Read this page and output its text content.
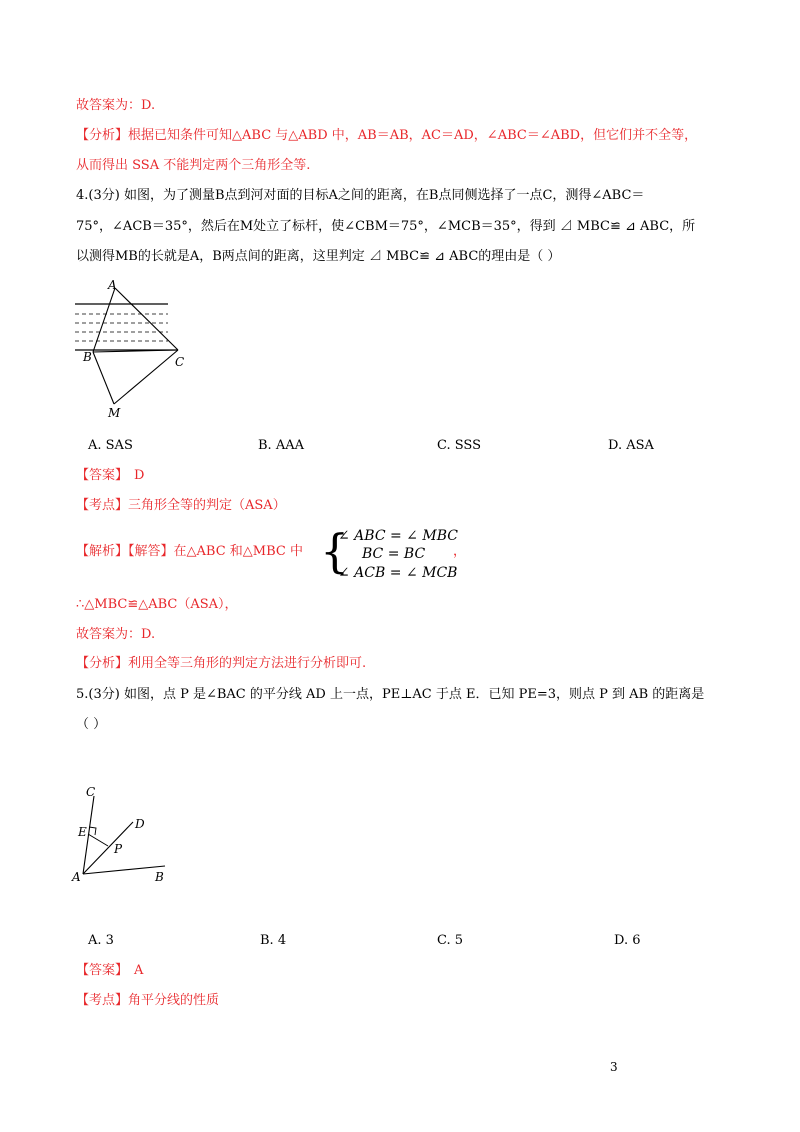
故答案为：D.
【分析】根据已知条件可知△ABC 与△ABD 中，AB＝AB，AC＝AD，∠ABC＝∠ABD，但它们并不全等，
从而得出 SSA 不能判定两个三角形全等.
4.(3分) 如图，为了测量B点到河对面的目标A之间的距离，在B点同侧选择了一点C，测得∠ABC＝
75°，∠ACB＝35°，然后在M处立了标杆，使∠CBM＝75°，∠MCB＝35°，得到 ⊿ MBC≌ ⊿ ABC，所
以测得MB的长就是A，B两点间的距离，这里判定 ⊿ MBC≌ ⊿ ABC的理由是（ ）
A
B	C
M
A. SAS	B. AAA	C. SSS	D. ASA
【答案】 D
【考点】三角形全等的判定（ASA）
【解析】【解答】在△ABC 和△MBC 中 {
∠ ABC = ∠ MBC
BC = BC
∠ ACB = ∠ MCB
，
∴△MBC≌△ABC（ASA），
故答案为：D.
【分析】利用全等三角形的判定方法进行分析即可.
5.(3分) 如图，点 P 是∠BAC 的平分线 AD 上一点，PE⊥AC 于点 E．已知 PE=3，则点 P 到 AB 的距离是
（ ）
C
D
E
P
A	B
A. 3	B. 4	C. 5	D. 6
【答案】 A
【考点】角平分线的性质
3
